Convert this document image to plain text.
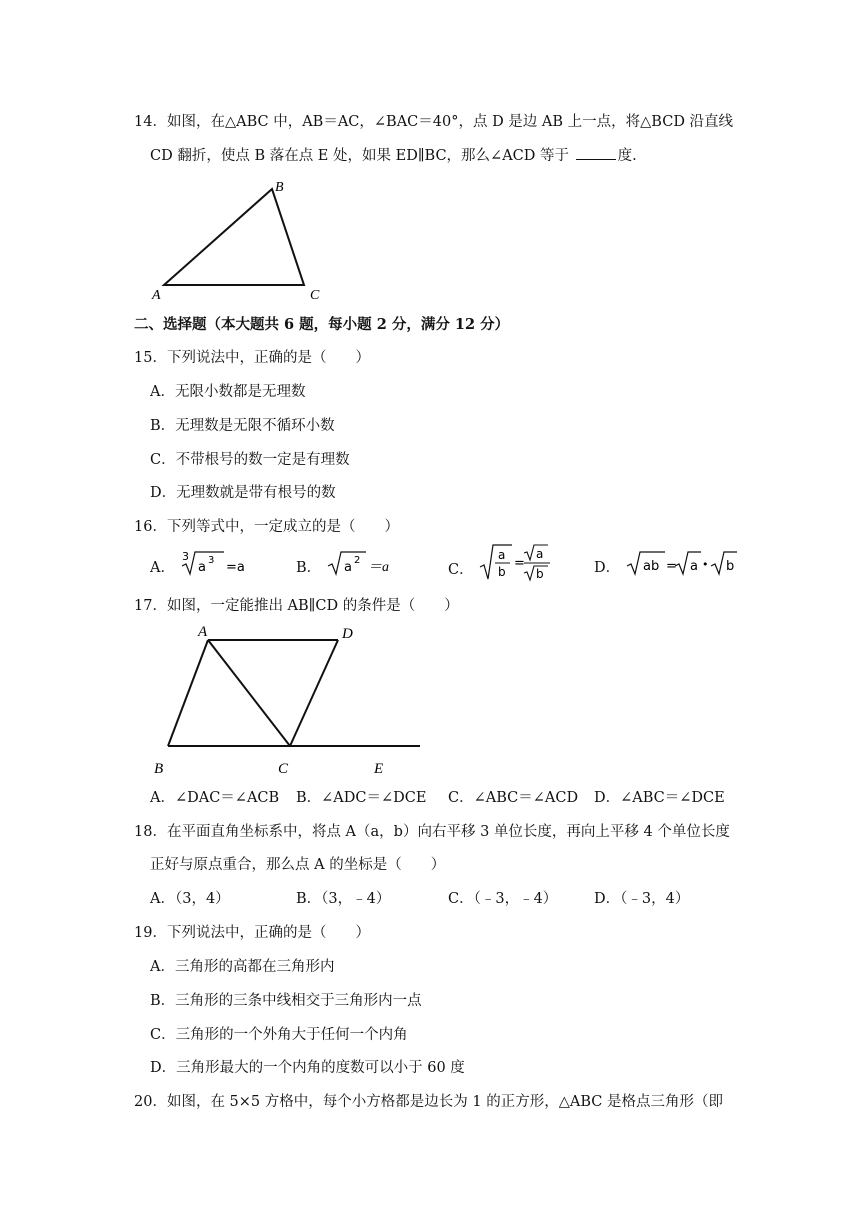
14．如图，在△ABC 中，AB＝AC，∠BAC＝40°，点 D 是边 AB 上一点，将△BCD 沿直线
CD 翻折，使点 B 落在点 E 处，如果 ED∥BC，那么∠ACD 等于	度.
A
B
C
二、选择题（本大题共 6 题，每小题 2 分，满分 12 分）
15．下列说法中，正确的是（　　）
A．无限小数都是无理数
B．无理数是无限不循环小数
C．不带根号的数一定是有理数
D．无理数就是带有根号的数
16．下列等式中，一定成立的是（　　）
A．
3
a 3 =a	B． a 2 ＝a	C．
a
b
=
a
b	D． ab = a • b
17．如图，一定能推出 AB∥CD 的条件是（　　）
A	D
B	C	E
A．∠DAC＝∠ACB B．∠ADC＝∠DCE C．∠ABC＝∠ACD D．∠ABC＝∠DCE
18．在平面直角坐标系中，将点 A（a，b）向右平移 3 单位长度，再向上平移 4 个单位长度
正好与原点重合，那么点 A 的坐标是（　　）
A．（3，4）	B．（3，﹣4）	C．（﹣3，﹣4）	D．（﹣3，4）
19．下列说法中，正确的是（　　）
A．三角形的高都在三角形内
B．三角形的三条中线相交于三角形内一点
C．三角形的一个外角大于任何一个内角
D．三角形最大的一个内角的度数可以小于 60 度
20．如图，在 5×5 方格中，每个小方格都是边长为 1 的正方形，△ABC 是格点三角形（即
